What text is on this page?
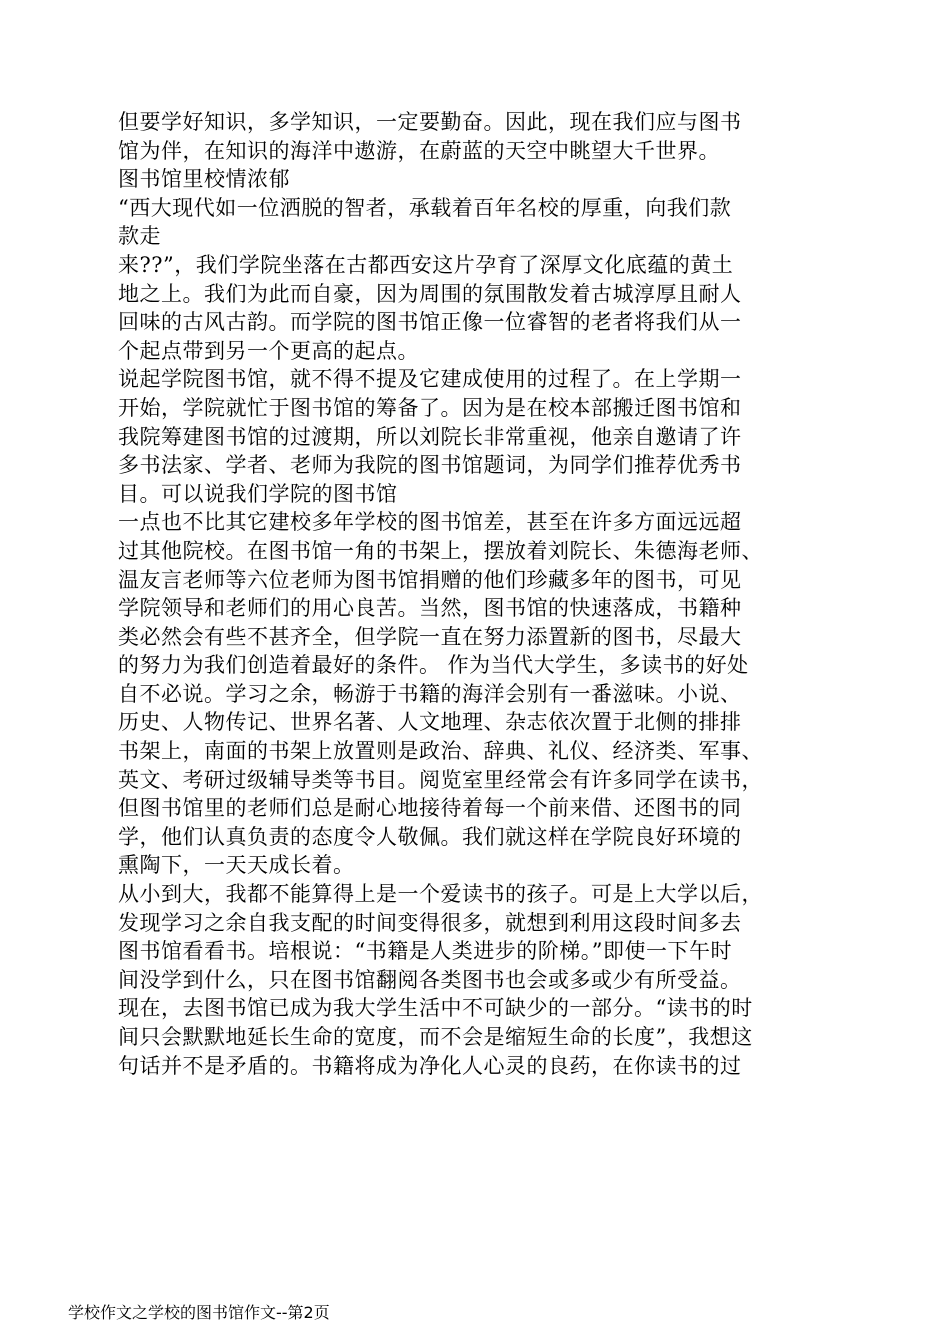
但要学好知识，多学知识，一定要勤奋。因此，现在我们应与图书
馆为伴，在知识的海洋中遨游，在蔚蓝的天空中眺望大千世界。
图书馆里校情浓郁
“西大现代如一位洒脱的智者，承载着百年名校的厚重，向我们款
款走
来??”，我们学院坐落在古都西安这片孕育了深厚文化底蕴的黄土
地之上。我们为此而自豪，因为周围的氛围散发着古城淳厚且耐人
回味的古风古韵。而学院的图书馆正像一位睿智的老者将我们从一
个起点带到另一个更高的起点。
说起学院图书馆，就不得不提及它建成使用的过程了。在上学期一
开始，学院就忙于图书馆的筹备了。因为是在校本部搬迁图书馆和
我院筹建图书馆的过渡期，所以刘院长非常重视，他亲自邀请了许
多书法家、学者、老师为我院的图书馆题词，为同学们推荐优秀书
目。可以说我们学院的图书馆
一点也不比其它建校多年学校的图书馆差，甚至在许多方面远远超
过其他院校。在图书馆一角的书架上，摆放着刘院长、朱德海老师、
温友言老师等六位老师为图书馆捐赠的他们珍藏多年的图书，可见
学院领导和老师们的用心良苦。当然，图书馆的快速落成，书籍种
类必然会有些不甚齐全，但学院一直在努力添置新的图书，尽最大
的努力为我们创造着最好的条件。 作为当代大学生，多读书的好处
自不必说。学习之余，畅游于书籍的海洋会别有一番滋味。小说、
历史、人物传记、世界名著、人文地理、杂志依次置于北侧的排排
书架上，南面的书架上放置则是政治、辞典、礼仪、经济类、军事、
英文、考研过级辅导类等书目。阅览室里经常会有许多同学在读书，
但图书馆里的老师们总是耐心地接待着每一个前来借、还图书的同
学，他们认真负责的态度令人敬佩。我们就这样在学院良好环境的
熏陶下，一天天成长着。
从小到大，我都不能算得上是一个爱读书的孩子。可是上大学以后，
发现学习之余自我支配的时间变得很多，就想到利用这段时间多去
图书馆看看书。培根说：“书籍是人类进步的阶梯。”即使一下午时
间没学到什么，只在图书馆翻阅各类图书也会或多或少有所受益。
现在，去图书馆已成为我大学生活中不可缺少的一部分。“读书的时
间只会默默地延长生命的宽度，而不会是缩短生命的长度”，我想这
句话并不是矛盾的。书籍将成为净化人心灵的良药，在你读书的过
学校作文之学校的图书馆作文--第2页
